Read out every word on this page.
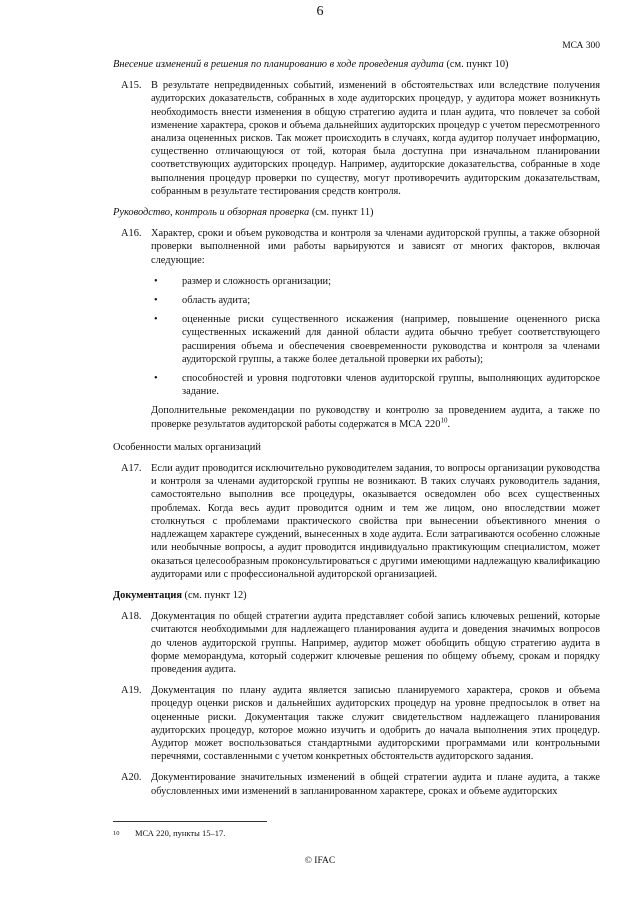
6
МСА 300

Внесение изменений в решения по планированию в ходе проведения аудита (см. пункт 10)

A15. В результате непредвиденных событий, изменений в обстоятельствах или вследствие получения аудиторских доказательств, собранных в ходе аудиторских процедур, у аудитора может возникнуть необходимость внести изменения в общую стратегию аудита и план аудита, что повлечет за собой изменение характера, сроков и объема дальнейших аудиторских процедур с учетом пересмотренного анализа оцененных рисков. Так может происходить в случаях, когда аудитор получает информацию, существенно отличающуюся от той, которая была доступна при изначальном планировании соответствующих аудиторских процедур. Например, аудиторские доказательства, собранные в ходе выполнения процедур проверки по существу, могут противоречить аудиторским доказательствам, собранным в результате тестирования средств контроля.

Руководство, контроль и обзорная проверка (см. пункт 11)

A16. Характер, сроки и объем руководства и контроля за членами аудиторской группы, а также обзорной проверки выполненной ими работы варьируются и зависят от многих факторов, включая следующие:
•	размер и сложность организации;
•	область аудита;
•	оцененные риски существенного искажения (например, повышение оцененного риска существенных искажений для данной области аудита обычно требует соответствующего расширения объема и обеспечения своевременности руководства и контроля за членами аудиторской группы, а также более детальной проверки их работы);
•	способностей и уровня подготовки членов аудиторской группы, выполняющих аудиторское задание.

Дополнительные рекомендации по руководству и контролю за проведением аудита, а также по проверке результатов аудиторской работы содержатся в МСА $220^{10}$.

Особенности малых организаций

A17. Если аудит проводится исключительно руководителем задания, то вопросы организации руководства и контроля за членами аудиторской группы не возникают. В таких случаях руководитель задания, самостоятельно выполнив все процедуры, оказывается осведомлен обо всех существенных проблемах. Когда весь аудит проводится одним и тем же лицом, оно впоследствии может столкнуться с проблемами практического свойства при вынесении объективного мнения о надлежащем характере суждений, вынесенных в ходе аудита. Если затрагиваются особенно сложные или необычные вопросы, а аудит проводится индивидуально практикующим специалистом, может оказаться целесообразным проконсультироваться с другими имеющими надлежащую квалификацию аудиторами или с профессиональной аудиторской организацией.

Документация (см. пункт 12)

A18. Документация по общей стратегии аудита представляет собой запись ключевых решений, которые считаются необходимыми для надлежащего планирования аудита и доведения значимых вопросов до членов аудиторской группы. Например, аудитор может обобщить общую стратегию аудита в форме меморандума, который содержит ключевые решения по общему объему, срокам и порядку проведения аудита.
A19. Документация по плану аудита является записью планируемого характера, сроков и объема процедур оценки рисков и дальнейших аудиторских процедур на уровне предпосылок в ответ на оцененные риски. Документация также служит свидетельством надлежащего планирования аудиторских процедур, которое можно изучить и одобрить до начала выполнения этих процедур. Аудитор может воспользоваться стандартными аудиторскими программами или контрольными перечнями, составленными с учетом конкретных обстоятельств аудиторского задания.
A20. Документирование значительных изменений в общей стратегии аудита и плане аудита, а также обусловленных ими изменений в запланированном характере, сроках и объеме аудиторских
10	МСА 220, пункты 15–17.
© IFAC
